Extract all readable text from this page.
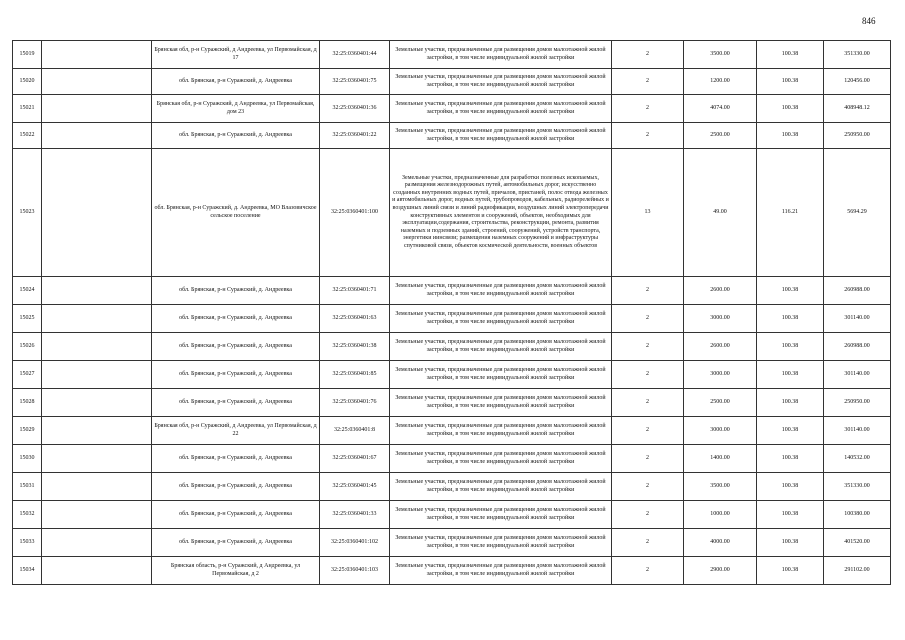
846
15019		Брянская обл, р-н Суражский, д Андреевка, ул Первомайская, д 17	32:25:0360401:44	Земельные участки, предназначенные для размещения домов малоэтажной жилой застройки, в том числе индивидуальной жилой застройки	2	3500.00	100.38	351330.00
15020		обл. Брянская, р-н Суражский, д. Андреевка	32:25:0360401:75	Земельные участки, предназначенные для размещения домов малоэтажной жилой застройки, в том числе индивидуальной жилой застройки	2	1200.00	100.38	120456.00
15021		Брянская обл, р-н Суражский, д Андреевка, ул Первомайская, дом 23	32:25:0360401:36	Земельные участки, предназначенные для размещения домов малоэтажной жилой застройки, в том числе индивидуальной жилой застройки	2	4074.00	100.38	408948.12
15022		обл. Брянская, р-н Суражский, д. Андреевка	32:25:0360401:22	Земельные участки, предназначенные для размещения домов малоэтажной жилой застройки, в том числе индивидуальной жилой застройки	2	2500.00	100.38	250950.00
15023		обл. Брянская, р-н Суражский, д. Андреевка, МО Влазовичское сельское поселение	32:25:0360401:100	Земельные участки, предназначенные для разработки полезных ископаемых, размещения железнодорожных путей, автомобильных дорог, искусственно созданных внутренних водных путей, причалов, пристаней, полос отвода железных и автомобильных дорог, водных путей, трубопроводов, кабельных, радиорелейных и воздушных линий связи и линий радиофикации, воздушных линий электропередачи конструктивных элементов и сооружений, объектов, необходимых для эксплуатации,содержания, строительства, реконструкции, ремонта, развития наземных и подземных зданий, строений, сооружений, устройств транспорта, энергетики иинсвязи; размещения наземных сооружений и инфраструктуры спутниковой связи, объектов космической деятельности, военных объектов	13	49.00	116.21	5694.29
15024		обл. Брянская, р-н Суражский, д. Андреевка	32:25:0360401:71	Земельные участки, предназначенные для размещения домов малоэтажной жилой застройки, в том числе индивидуальной жилой застройки	2	2600.00	100.38	260988.00
15025		обл. Брянская, р-н Суражский, д. Андреевка	32:25:0360401:63	Земельные участки, предназначенные для размещения домов малоэтажной жилой застройки, в том числе индивидуальной жилой застройки	2	3000.00	100.38	301140.00
15026		обл. Брянская, р-н Суражский, д. Андреевка	32:25:0360401:38	Земельные участки, предназначенные для размещения домов малоэтажной жилой застройки, в том числе индивидуальной жилой застройки	2	2600.00	100.38	260988.00
15027		обл. Брянская, р-н Суражский, д. Андреевка	32:25:0360401:85	Земельные участки, предназначенные для размещения домов малоэтажной жилой застройки, в том числе индивидуальной жилой застройки	2	3000.00	100.38	301140.00
15028		обл. Брянская, р-н Суражский, д. Андреевка	32:25:0360401:76	Земельные участки, предназначенные для размещения домов малоэтажной жилой застройки, в том числе индивидуальной жилой застройки	2	2500.00	100.38	250950.00
15029		Брянская обл, р-н Суражский, д Андреевка, ул Первомайская, д 22	32:25:0360401:8	Земельные участки, предназначенные для размещения домов малоэтажной жилой застройки, в том числе индивидуальной жилой застройки	2	3000.00	100.38	301140.00
15030		обл. Брянская, р-н Суражский, д. Андреевка	32:25:0360401:67	Земельные участки, предназначенные для размещения домов малоэтажной жилой застройки, в том числе индивидуальной жилой застройки	2	1400.00	100.38	140532.00
15031		обл. Брянская, р-н Суражский, д. Андреевка	32:25:0360401:45	Земельные участки, предназначенные для размещения домов малоэтажной жилой застройки, в том числе индивидуальной жилой застройки	2	3500.00	100.38	351330.00
15032		обл. Брянская, р-н Суражский, д. Андреевка	32:25:0360401:33	Земельные участки, предназначенные для размещения домов малоэтажной жилой застройки, в том числе индивидуальной жилой застройки	2	1000.00	100.38	100380.00
15033		обл. Брянская, р-н Суражский, д. Андреевка	32:25:0360401:102	Земельные участки, предназначенные для размещения домов малоэтажной жилой застройки, в том числе индивидуальной жилой застройки	2	4000.00	100.38	401520.00
15034		Брянская область, р-н Суражский, д Андреевка, ул Первомайская, д 2	32:25:0360401:103	Земельные участки, предназначенные для размещения домов малоэтажной жилой застройки, в том числе индивидуальной жилой застройки	2	2900.00	100.38	291102.00
